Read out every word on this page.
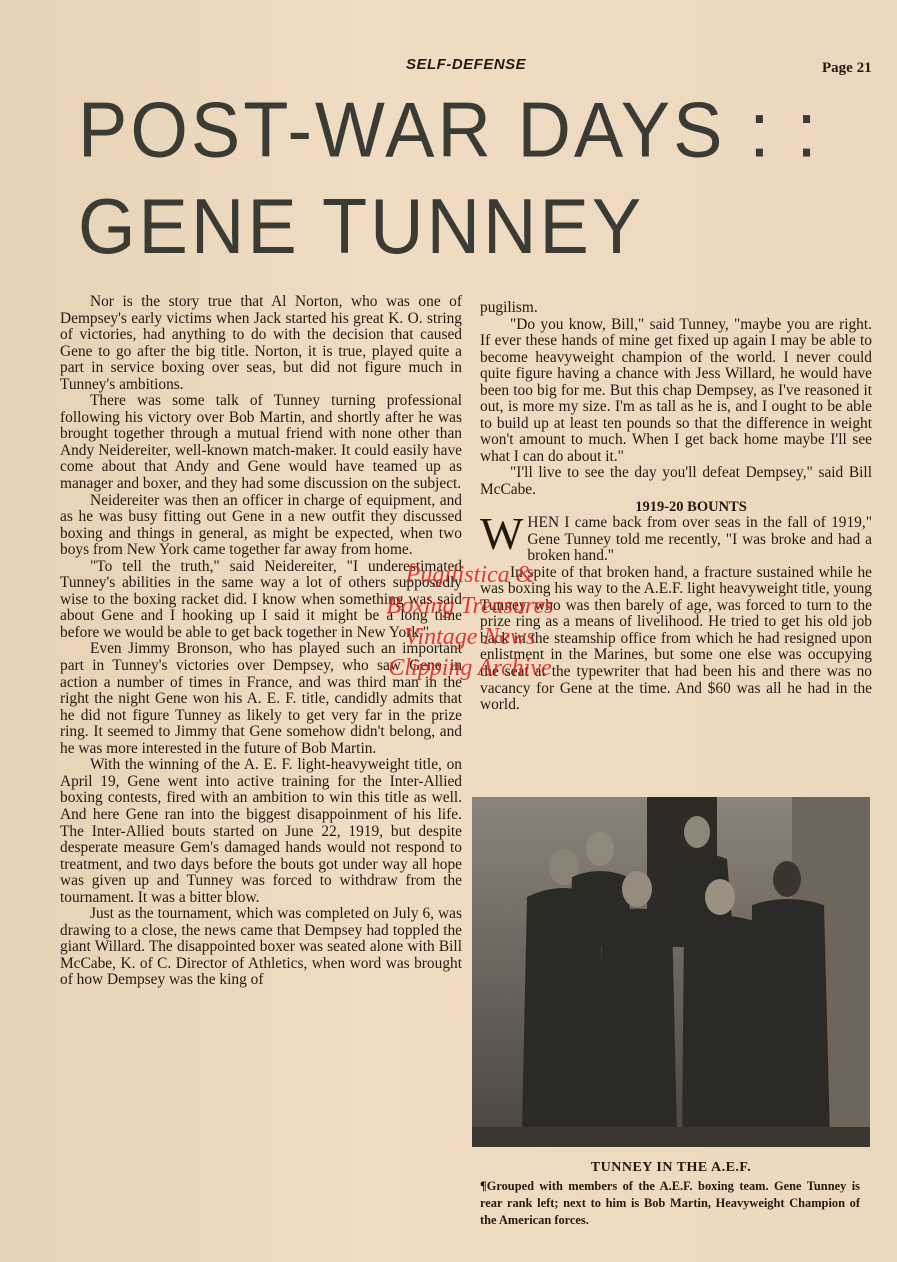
SELF-DEFENSE	Page 21
POST-WAR DAYS : :
GENE TUNNEY

Nor is the story true that Al Norton, who was one of Dempsey's early victims when Jack started his great K. O. string of victories, had anything to do with the decision that caused Gene to go after the big title. Norton, it is true, played quite a part in service boxing over seas, but did not figure much in Tunney's ambitions.

There was some talk of Tunney turning professional following his victory over Bob Martin, and shortly after he was brought together through a mutual friend with none other than Andy Neidereiter, well-known match-maker. It could easily have come about that Andy and Gene would have teamed up as manager and boxer, and they had some discussion on the subject.

Neidereiter was then an officer in charge of equipment, and as he was busy fitting out Gene in a new outfit they discussed boxing and things in general, as might be expected, when two boys from New York came together far away from home.

"To tell the truth," said Neidereiter, "I underestimated Tunney's abilities in the same way a lot of others supposedly wise to the boxing racket did. I know when something was said about Gene and I hooking up I said it might be a long time before we would be able to get back together in New York."

Even Jimmy Bronson, who has played such an important part in Tunney's victories over Dempsey, who saw Gene in action a number of times in France, and was third man in the right the night Gene won his A. E. F. title, candidly admits that he did not figure Tunney as likely to get very far in the prize ring. It seemed to Jimmy that Gene somehow didn't belong, and he was more interested in the future of Bob Martin.

With the winning of the A. E. F. light-heavyweight title, on April 19, Gene went into active training for the Inter-Allied boxing contests, fired with an ambition to win this title as well. And here Gene ran into the biggest disappoinment of his life. The Inter-Allied bouts started on June 22, 1919, but despite desperate measure Gem's damaged hands would not respond to treatment, and two days before the bouts got under way all hope was given up and Tunney was forced to withdraw from the tournament. It was a bitter blow.

Just as the tournament, which was completed on July 6, was drawing to a close, the news came that Dempsey had toppled the giant Willard. The disappointed boxer was seated alone with Bill McCabe, K. of C. Director of Athletics, when word was brought of how Dempsey was the king of

pugilism.

"Do you know, Bill," said Tunney, "maybe you are right. If ever these hands of mine get fixed up again I may be able to become heavyweight champion of the world. I never could quite figure having a chance with Jess Willard, he would have been too big for me. But this chap Dempsey, as I've reasoned it out, is more my size. I'm as tall as he is, and I ought to be able to build up at least ten pounds so that the difference in weight won't amount to much. When I get back home maybe I'll see what I can do about it."

"I'll live to see the day you'll defeat Dempsey," said Bill McCabe.

1919-20 BOUNTS

WHEN I came back from over seas in the fall of 1919," Gene Tunney told me recently, "I was broke and had a broken hand."

In spite of that broken hand, a fracture sustained while he was boxing his way to the A.E.F. light heavyweight title, young Tunney, who was then barely of age, was forced to turn to the prize ring as a means of livelihood. He tried to get his old job back in the steamship office from which he had resigned upon enlistment in the Marines, but some one else was occupying the seat at the typewriter that had been his and there was no vacancy for Gene at the time. And $60 was all he had in the world.

TUNNEY IN THE A.E.F.
¶Grouped with members of the A.E.F. boxing team. Gene Tunney is rear rank left; next to him is Bob Martin, Heavyweight Champion of the American forces.
Pugilistica &
Boxing Treasures
Vintage News
Clipping Archive
